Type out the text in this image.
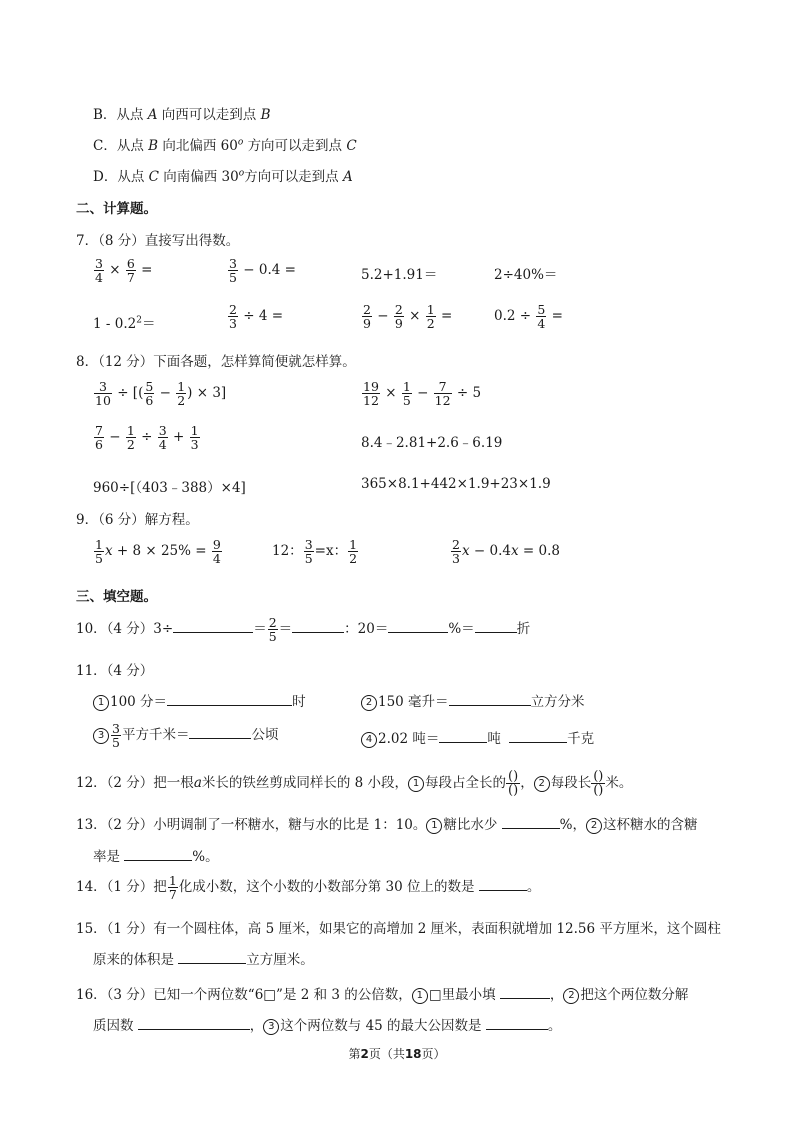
B．从点 A 向西可以走到点 B
C．从点 B 向北偏西 60$^o$ 方向可以走到点 C
D．从点 C 向南偏西 30$^o$方向可以走到点 A
二、计算题。
7．（8 分）直接写出得数。
$\frac{3}{4} \times \frac{6}{7}$ =	$\frac{3}{5} - 0.4$ =	5.2+1.91＝	2÷40%＝
$1 - 0.2^2=$	$\frac{2}{3} \div 4$ =	$\frac{2}{9} - \frac{2}{9} \times \frac{1}{2}$ =	$0.2 \div \frac{5}{4}$ =
8．（12 分）下面各题，怎样算简便就怎样算。
$\frac{3}{10}$ ÷ [( $\frac{5}{6} - \frac{1}{2}$ ) × 3]	$\frac{19}{12} \times \frac{1}{5} - \frac{7}{12} \div 5$
$\frac{7}{6} - \frac{1}{2} \div \frac{3}{4} + \frac{1}{3}$	8.4﹣2.81+2.6﹣6.19
960÷[（403﹣388）×4]	365×8.1+442×1.9+23×1.9
9．（6 分）解方程。
$\frac{1}{5}$ $x + 8 \times 25\% = \frac{9}{4}$	12： $\frac{3}{5} =x$： $\frac{1}{2}$	$\frac{2}{3}$ x − 0.4x = 0.8
三、填空题。
10．（4 分）3÷	＝ $\frac{2}{5}$ ＝	：20＝	%＝	折
11．（4 分）
1 100 分＝	时	2 150 毫升＝	立方分米
$3 \frac{3}{5}$ 平方千米＝	公顷	4 2.02 吨＝	吨	千克
12．（2 分）把一根a米长的铁丝剪成同样长的 8 小段， 1 每段占全长的 ()
() ， 2 每段长 ()
() 米。
13．（2 分）小明调制了一杯糖水，糖与水的比是 1：10。 1 糖比水少	%， 2 这杯糖水的含糖
率是	%。
14．（1 分）把 $\frac{1}{7}$ 化成小数，这个小数的小数部分第 30 位上的数是	。
15．（1 分）有一个圆柱体，高 5 厘米，如果它的高增加 2 厘米，表面积就增加 12.56 平方厘米，这个圆柱
原来的体积是	立方厘米。
16．（3 分）已知一个两位数“6□”是 2 和 3 的公倍数， 1 □里最小填	， 2 把这个两位数分解
质因数	， 3 这个两位数与 45 的最大公因数是	。
第2页（共18页）
